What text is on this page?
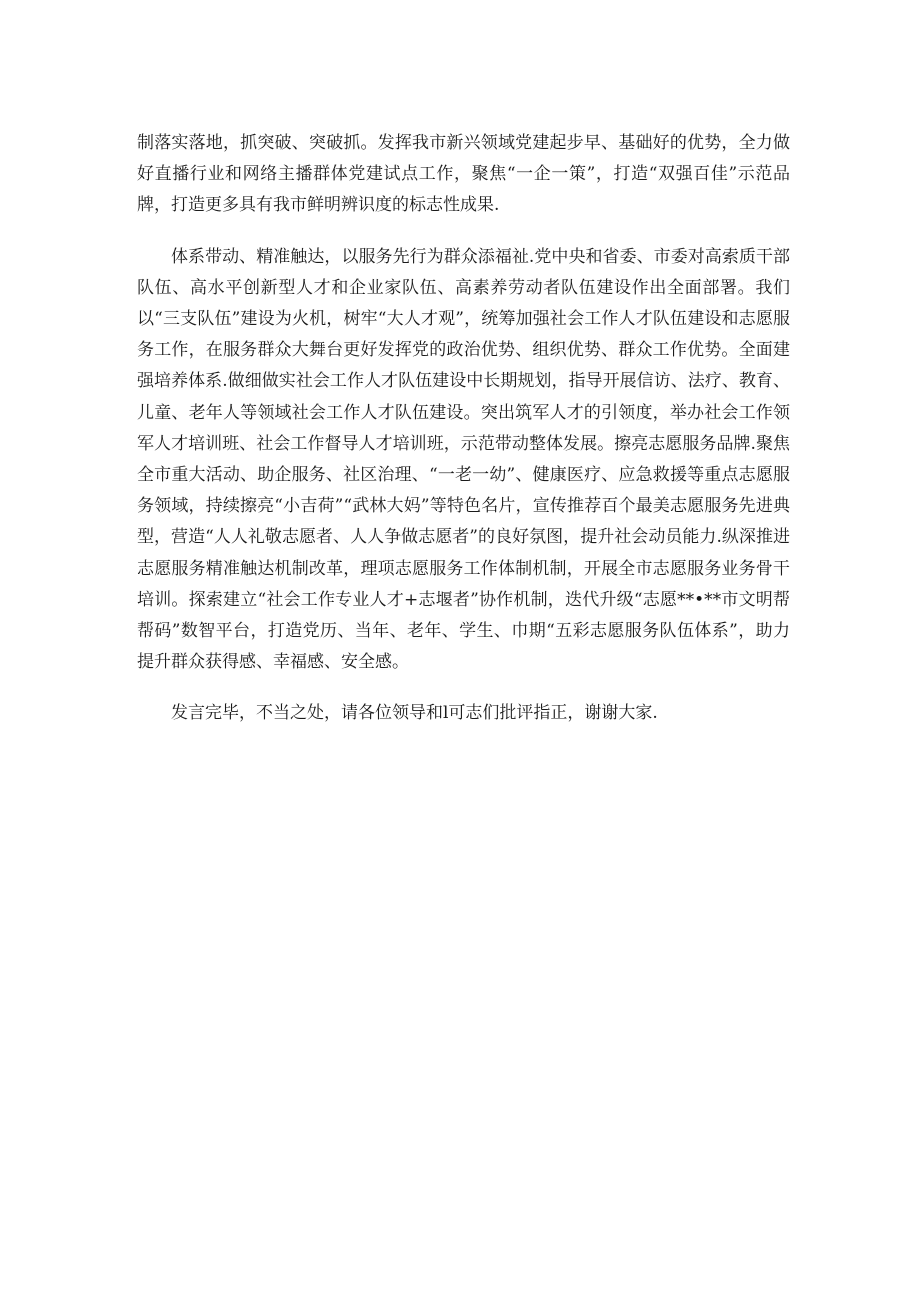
制落实落地，抓突破、突破抓。发挥我市新兴领域党建起步早、基础好的优势，全力做好直播行业和网络主播群体党建试点工作，聚焦“一企一策”，打造“双强百佳”示范品牌，打造更多具有我市鲜明辨识度的标志性成果.

体系带动、精准触达，以服务先行为群众添福祉.党中央和省委、市委对高索质干部队伍、高水平创新型人才和企业家队伍、高素养劳动者队伍建设作出全面部署。我们以“三支队伍”建设为火机，树牢“大人才观”，统筹加强社会工作人才队伍建设和志愿服务工作，在服务群众大舞台更好发挥党的政治优势、组织优势、群众工作优势。全面建强培养体系.做细做实社会工作人才队伍建设中长期规划，指导开展信访、法疗、教育、儿童、老年人等领域社会工作人才队伍建设。突出筑军人才的引领度，举办社会工作领军人才培训班、社会工作督导人才培训班，示范带动整体发展。擦亮志愿服务品牌.聚焦全市重大活动、助企服务、社区治理、“一老一幼”、健康医疗、应急救援等重点志愿服务领域，持续擦亮“小吉荷”“武林大妈”等特色名片，宣传推荐百个最美志愿服务先进典型，营造“人人礼敬志愿者、人人争做志愿者”的良好氛图，提升社会动员能力.纵深推进志愿服务精准触达机制改革，理项志愿服务工作体制机制，开展全市志愿服务业务骨干培训。探索建立“社会工作专业人才+志堰者”协作机制，迭代升级“志愿**•**市文明帮帮码”数智平台，打造党历、当年、老年、学生、巾期“五彩志愿服务队伍体系”，助力提升群众获得感、幸福感、安全感。

发言完毕，不当之处，请各位领导和l可志们批评指正，谢谢大家.
